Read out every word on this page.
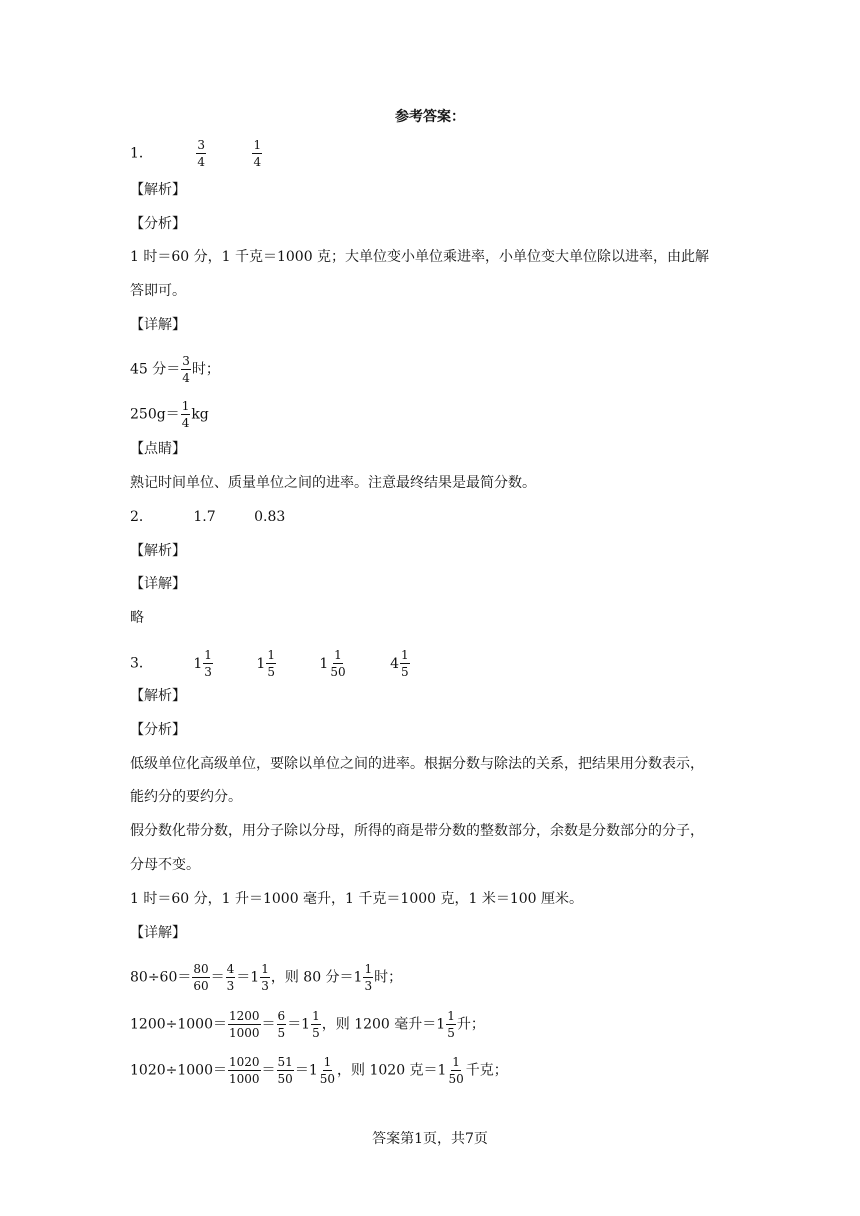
参考答案：
1．	$\frac{3}{4}$
	$\frac{1}{4}$
【解析】
【分析】
1 时＝60 分，1 千克＝1000 克；大单位变小单位乘进率，小单位变大单位除以进率，由此解
答即可。
【详解】
45 分＝ $\frac{3}{4}$ 时；
$250g= \frac{1}{4}$ kg
【点睛】
熟记时间单位、质量单位之间的进率。注意最终结果是最简分数。
2．	1.7	0.83
【解析】
【详解】
略
3．	$1 \frac{1}{3}$
	$1 \frac{1}{5}$
	$1 \frac{1}{50}$
	$4 \frac{1}{5}$
【解析】
【分析】
低级单位化高级单位，要除以单位之间的进率。根据分数与除法的关系，把结果用分数表示，
能约分的要约分。
假分数化带分数，用分子除以分母，所得的商是带分数的整数部分，余数是分数部分的分子，
分母不变。
1 时＝60 分，1 升＝1000 毫升，1 千克＝1000 克，1 米＝100 厘米。
【详解】
$80\div 60= \frac{80}{60} = \frac{4}{3} =1 \frac{1}{3}$ ，则 80 分$=1 \frac{1}{3}$ 时；
$1200\div 1000= \frac{1200}{1000} = \frac{6}{5} =1 \frac{1}{5}$ ，则 1200 毫升$=1 \frac{1}{5}$ 升；
$1020\div 1000= \frac{1020}{1000} = \frac{51}{50} =1 \frac{1}{50}$ ，则 1020 克$=1 \frac{1}{50}$ 千克；
答案第1页，共7页
